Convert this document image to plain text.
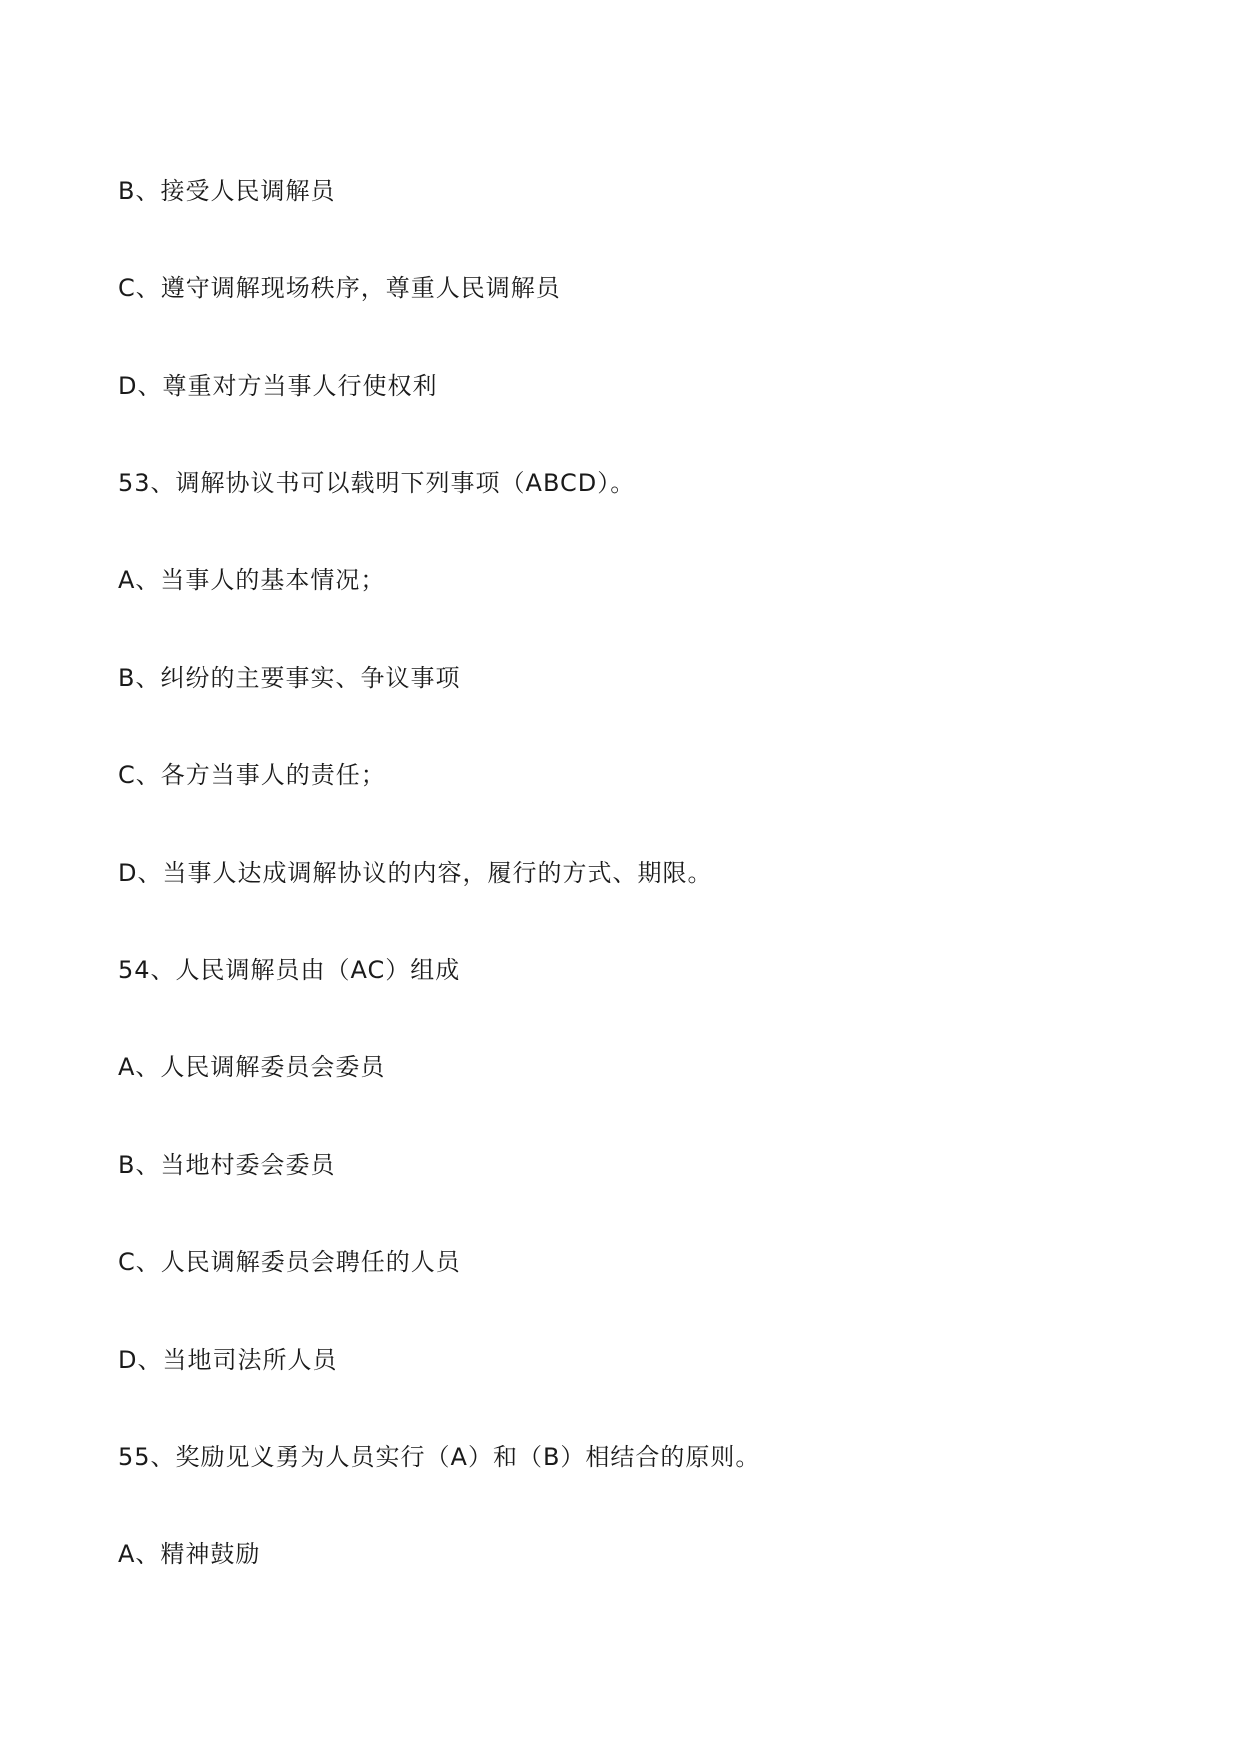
B、接受人民调解员
C、遵守调解现场秩序，尊重人民调解员
D、尊重对方当事人行使权利
53、调解协议书可以载明下列事项（ABCD）。
A、当事人的基本情况；
B、纠纷的主要事实、争议事项
C、各方当事人的责任；
D、当事人达成调解协议的内容，履行的方式、期限。
54、人民调解员由（AC）组成
A、人民调解委员会委员
B、当地村委会委员
C、人民调解委员会聘任的人员
D、当地司法所人员
55、奖励见义勇为人员实行（A）和（B）相结合的原则。
A、精神鼓励
